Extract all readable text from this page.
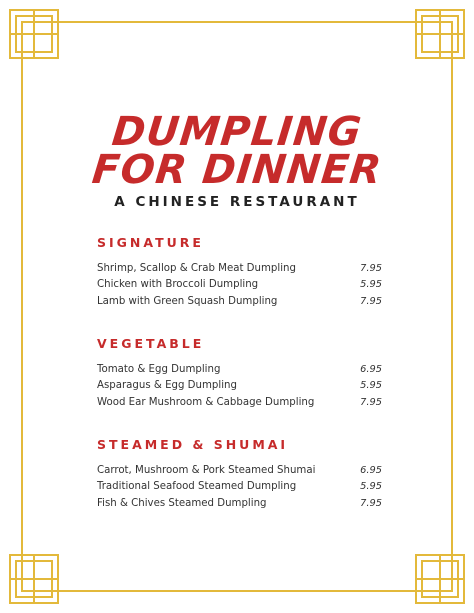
DUMPLING
FOR DINNER
A CHINESE RESTAURANT
SIGNATURE
Shrimp, Scallop & Crab Meat Dumpling	7.95
Chicken with Broccoli Dumpling	5.95
Lamb with Green Squash Dumpling	7.95
VEGETABLE
Tomato & Egg Dumpling	6.95
Asparagus & Egg Dumpling	5.95
Wood Ear Mushroom & Cabbage Dumpling	7.95
STEAMED & SHUMAI
Carrot, Mushroom & Pork Steamed Shumai	6.95
Traditional Seafood Steamed Dumpling	5.95
Fish & Chives Steamed Dumpling	7.95
